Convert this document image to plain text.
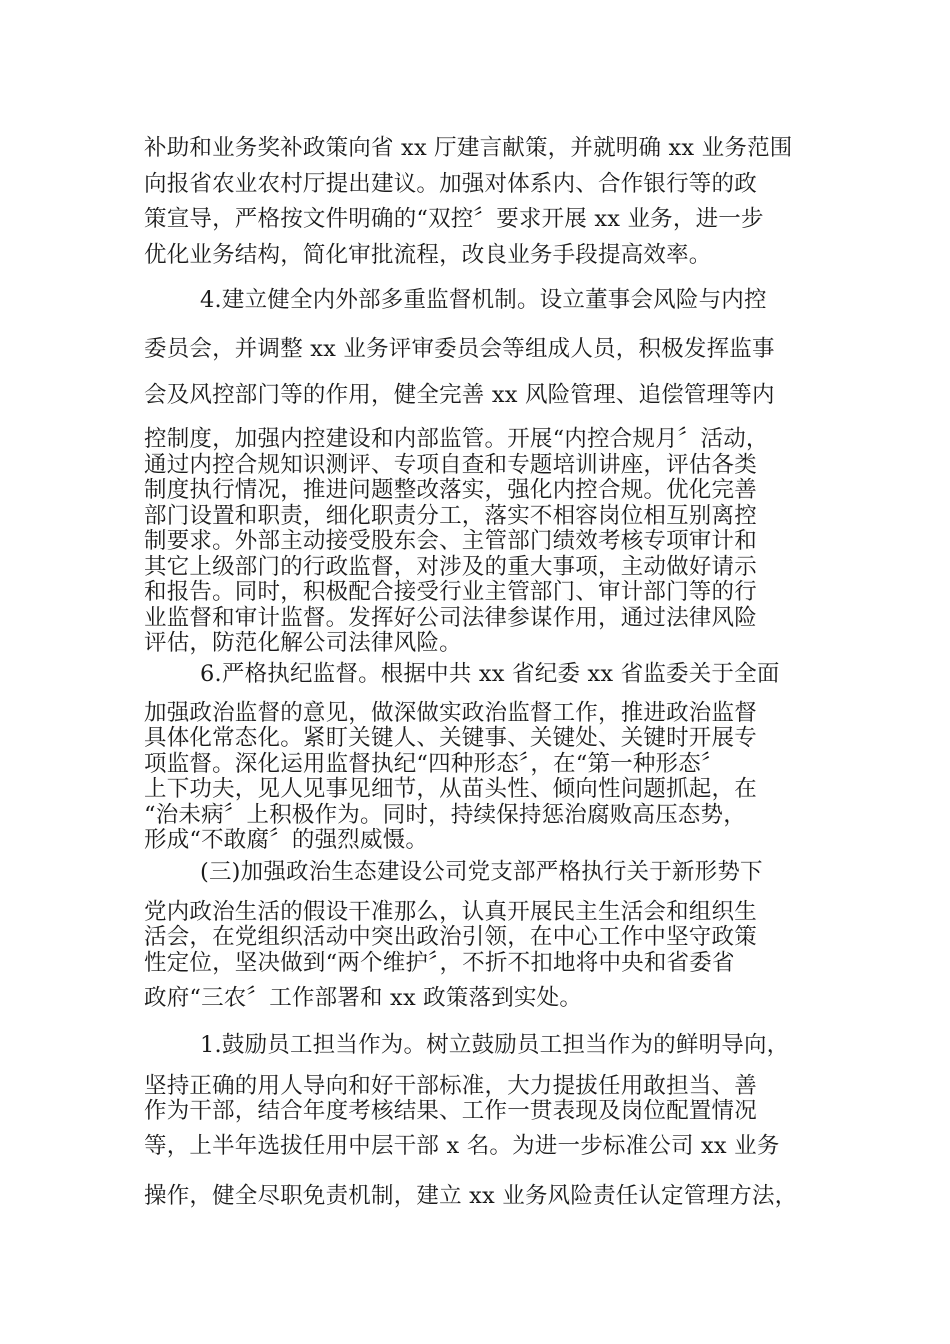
补助和业务奖补政策向省 xx 厅建言献策，并就明确 xx 业务范围
向报省农业农村厅提出建议。加强对体系内、合作银行等的政
策宣导，严格按文件明确的“双控〞要求开展 xx 业务，进一步
优化业务结构，简化审批流程，改良业务手段提高效率。
4.建立健全内外部多重监督机制。设立董事会风险与内控
委员会，并调整 xx 业务评审委员会等组成人员，积极发挥监事
会及风控部门等的作用，健全完善 xx 风险管理、追偿管理等内
控制度，加强内控建设和内部监管。开展“内控合规月〞活动，
通过内控合规知识测评、专项自查和专题培训讲座，评估各类
制度执行情况，推进问题整改落实，强化内控合规。优化完善
部门设置和职责，细化职责分工，落实不相容岗位相互别离控
制要求。外部主动接受股东会、主管部门绩效考核专项审计和
其它上级部门的行政监督，对涉及的重大事项，主动做好请示
和报告。同时，积极配合接受行业主管部门、审计部门等的行
业监督和审计监督。发挥好公司法律参谋作用，通过法律风险
评估，防范化解公司法律风险。
6.严格执纪监督。根据中共 xx 省纪委 xx 省监委关于全面
加强政治监督的意见，做深做实政治监督工作，推进政治监督
具体化常态化。紧盯关键人、关键事、关键处、关键时开展专
项监督。深化运用监督执纪“四种形态〞，在“第一种形态〞
上下功夫，见人见事见细节，从苗头性、倾向性问题抓起，在
“治未病〞上积极作为。同时，持续保持惩治腐败高压态势，
形成“不敢腐〞的强烈威慑。
(三)加强政治生态建设公司党支部严格执行关于新形势下
党内政治生活的假设干准那么，认真开展民主生活会和组织生
活会，在党组织活动中突出政治引领，在中心工作中坚守政策
性定位，坚决做到“两个维护〞，不折不扣地将中央和省委省
政府“三农〞工作部署和 xx 政策落到实处。
1.鼓励员工担当作为。树立鼓励员工担当作为的鲜明导向，
坚持正确的用人导向和好干部标准，大力提拔任用敢担当、善
作为干部，结合年度考核结果、工作一贯表现及岗位配置情况
等，上半年选拔任用中层干部 x 名。为进一步标准公司 xx 业务
操作，健全尽职免责机制，建立 xx 业务风险责任认定管理方法，
